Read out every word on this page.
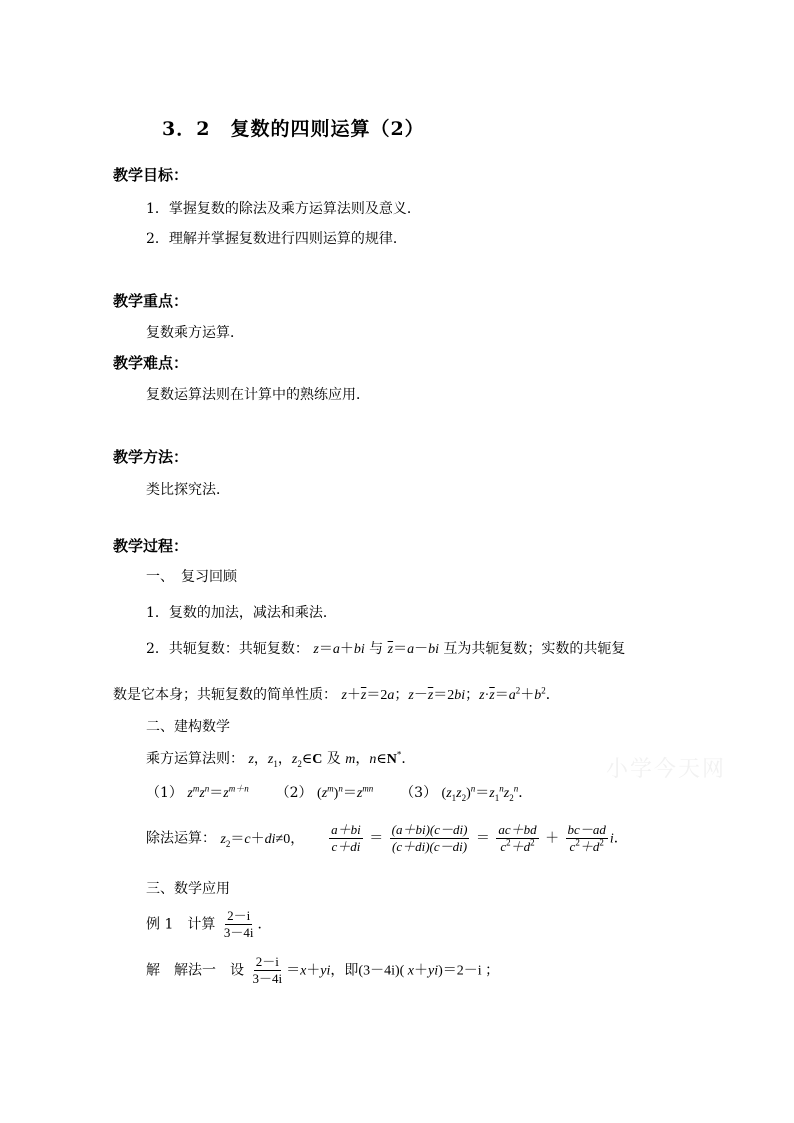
3．2　复数的四则运算（2）
教学目标：
1．掌握复数的除法及乘方运算法则及意义．
2．理解并掌握复数进行四则运算的规律．
教学重点：
复数乘方运算．
教学难点：
复数运算法则在计算中的熟练应用．
教学方法：
类比探究法．
教学过程：
一、　复习回顾
1．复数的加法，减法和乘法．
2．共轭复数：共轭复数： z＝a＋bi 与 $\overline{z}=a-bi$ 互为共轭复数；实数的共轭复
数是它本身；共轭复数的简单性质： $z+\overline{z}=2a$；$z-\overline{z}=2bi$；$z\cdot\overline{z}=a^2+b^2$．
二、建构数学
乘方运算法则： z，$z_1$，$z_2\in C$ 及 m，n∈N*．
（1） $z^mz^n=z^{m+n}$ （2） $(z^m)^n=z^{mn}$ （3） $(z_1z_2)^n=z_1^nz_2^n$．
除法运算： $z_2=c+di\ne 0$， $\frac{a+bi}{c+di} = \frac{(a+bi)(c-di)}{(c+di)(c-di)} = \frac{ac+bd}{c^2+d^2} + \frac{bc-ad}{c^2+d^2}$ i．
三、数学应用
例 1　计算 $\frac{2-i}{3-4i}$ ．
解　解法一　设 $\frac{2-i}{3-4i} =x+yi$，即(3－4i)( x＋yi)＝2－i ；
小学今天网
